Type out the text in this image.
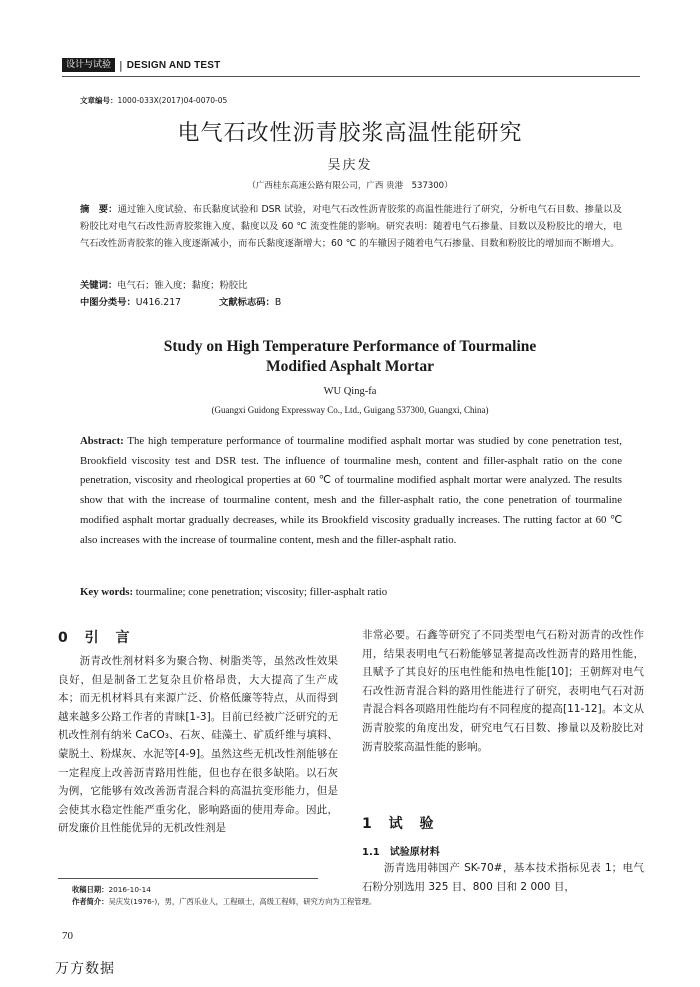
设计与试验 | DESIGN AND TEST
文章编号：1000-033X(2017)04-0070-05
电气石改性沥青胶浆高温性能研究
吴庆发
（广西桂东高速公路有限公司，广西 贵港　537300）
摘　要：通过锥入度试验、布氏黏度试验和 DSR 试验，对电气石改性沥青胶浆的高温性能进行了研究，分析电气石目数、掺量以及粉胶比对电气石改性沥青胶浆锥入度、黏度以及 60 ℃ 流变性能的影响。研究表明：随着电气石掺量、目数以及粉胶比的增大，电气石改性沥青胶浆的锥入度逐渐减小，而布氏黏度逐渐增大；60 ℃ 的车辙因子随着电气石掺量、目数和粉胶比的增加而不断增大。
关键词：电气石；锥入度；黏度；粉胶比
中图分类号：U416.217	文献标志码：B
Study on High Temperature Performance of Tourmaline
Modified Asphalt Mortar
WU Qing-fa
(Guangxi Guidong Expressway Co., Ltd., Guigang 537300, Guangxi, China)
Abstract: The high temperature performance of tourmaline modified asphalt mortar was studied by cone penetration test, Brookfield viscosity test and DSR test. The influence of tourmaline mesh, content and filler-asphalt ratio on the cone penetration, viscosity and rheological properties at 60 ℃ of tourmaline modified asphalt mortar were analyzed. The results show that with the increase of tourmaline content, mesh and the filler-asphalt ratio, the cone penetration of tourmaline modified asphalt mortar gradually decreases, while its Brookfield viscosity gradually increases. The rutting factor at 60 ℃ also increases with the increase of tourmaline content, mesh and the filler-asphalt ratio.
Key words: tourmaline; cone penetration; viscosity; filler-asphalt ratio
0 引 言
　　沥青改性剂材料多为聚合物、树脂类等，虽然改性效果良好，但是制备工艺复杂且价格昂贵，大大提高了生产成本；而无机材料具有来源广泛、价格低廉等特点，从而得到越来越多公路工作者的青睐[1-3]。目前已经被广泛研究的无机改性剂有纳米 CaCO₃、石灰、硅藻土、矿质纤维与填料、蒙脱土、粉煤灰、水泥等[4-9]。虽然这些无机改性剂能够在一定程度上改善沥青路用性能，但也存在很多缺陷。以石灰为例，它能够有效改善沥青混合料的高温抗变形能力，但是会使其水稳定性能严重劣化，影响路面的使用寿命。因此，研发廉价且性能优异的无机改性剂是
非常必要。石鑫等研究了不同类型电气石粉对沥青的改性作用，结果表明电气石粉能够显著提高改性沥青的路用性能，且赋予了其良好的压电性能和热电性能[10]；王朝辉对电气石改性沥青混合料的路用性能进行了研究，表明电气石对沥青混合料各项路用性能均有不同程度的提高[11-12]。本文从沥青胶浆的角度出发，研究电气石目数、掺量以及粉胶比对沥青胶浆高温性能的影响。
1 试 验
1.1　试验原材料
　　沥青选用韩国产 SK-70#，基本技术指标见表 1；电气石粉分别选用 325 目、800 目和 2 000 目，
收稿日期：2016-10-14
作者简介：吴庆发(1976-)，男，广西乐业人，工程硕士，高级工程师，研究方向为工程管理。
70
万方数据
